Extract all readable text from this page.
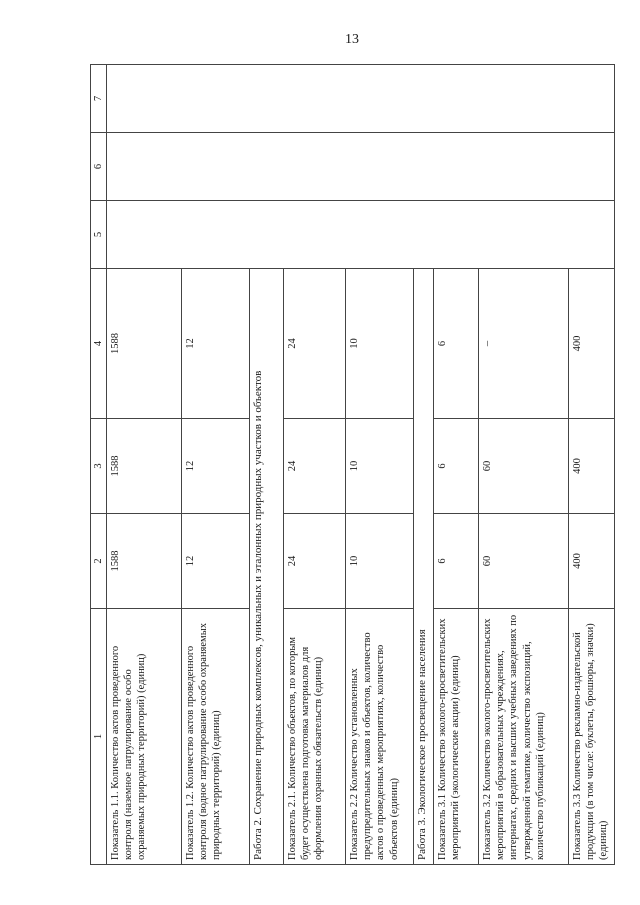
13
1	2	3	4	5	6	7
Показатель 1.1. Количество актов проведенного контроля (наземное патрулирование особо охраняемых природных территорий) (единиц)	1588	1588	1588			
Показатель 1.2. Количество актов проведенного контроля (водное патрулирование особо охраняемых природных территорий) (единиц)	12	12	12			
Работа 2. Сохранение природных комплексов, уникальных и эталонных природных участков и объектов						
Показатель 2.1. Количество объектов, по которым будет осуществлена подготовка материалов для оформления охранных обязательств (единиц)	24	24	24			
Показатель 2.2 Количество установленных предупредительных знаков и объектов, количество актов о проведенных мероприятиях, количество объектов (единиц)	10	10	10			
Работа 3. Экологическое просвещение населения						
Показатель 3.1 Количество эколого-просветительских мероприятий (экологические акции) (единиц)	6	6	6			
Показатель 3.2 Количество эколого-просветительских мероприятий в образовательных учреждениях, интернатах, средних и высших учебных заведениях по утвержденной тематике, количество экспозиций, количество публикаций (единиц)	60	60	–			
Показатель 3.3 Количество рекламно-издательской продукции (в том числе: буклеты, брошюры, значки) (единиц)	400	400	400			
